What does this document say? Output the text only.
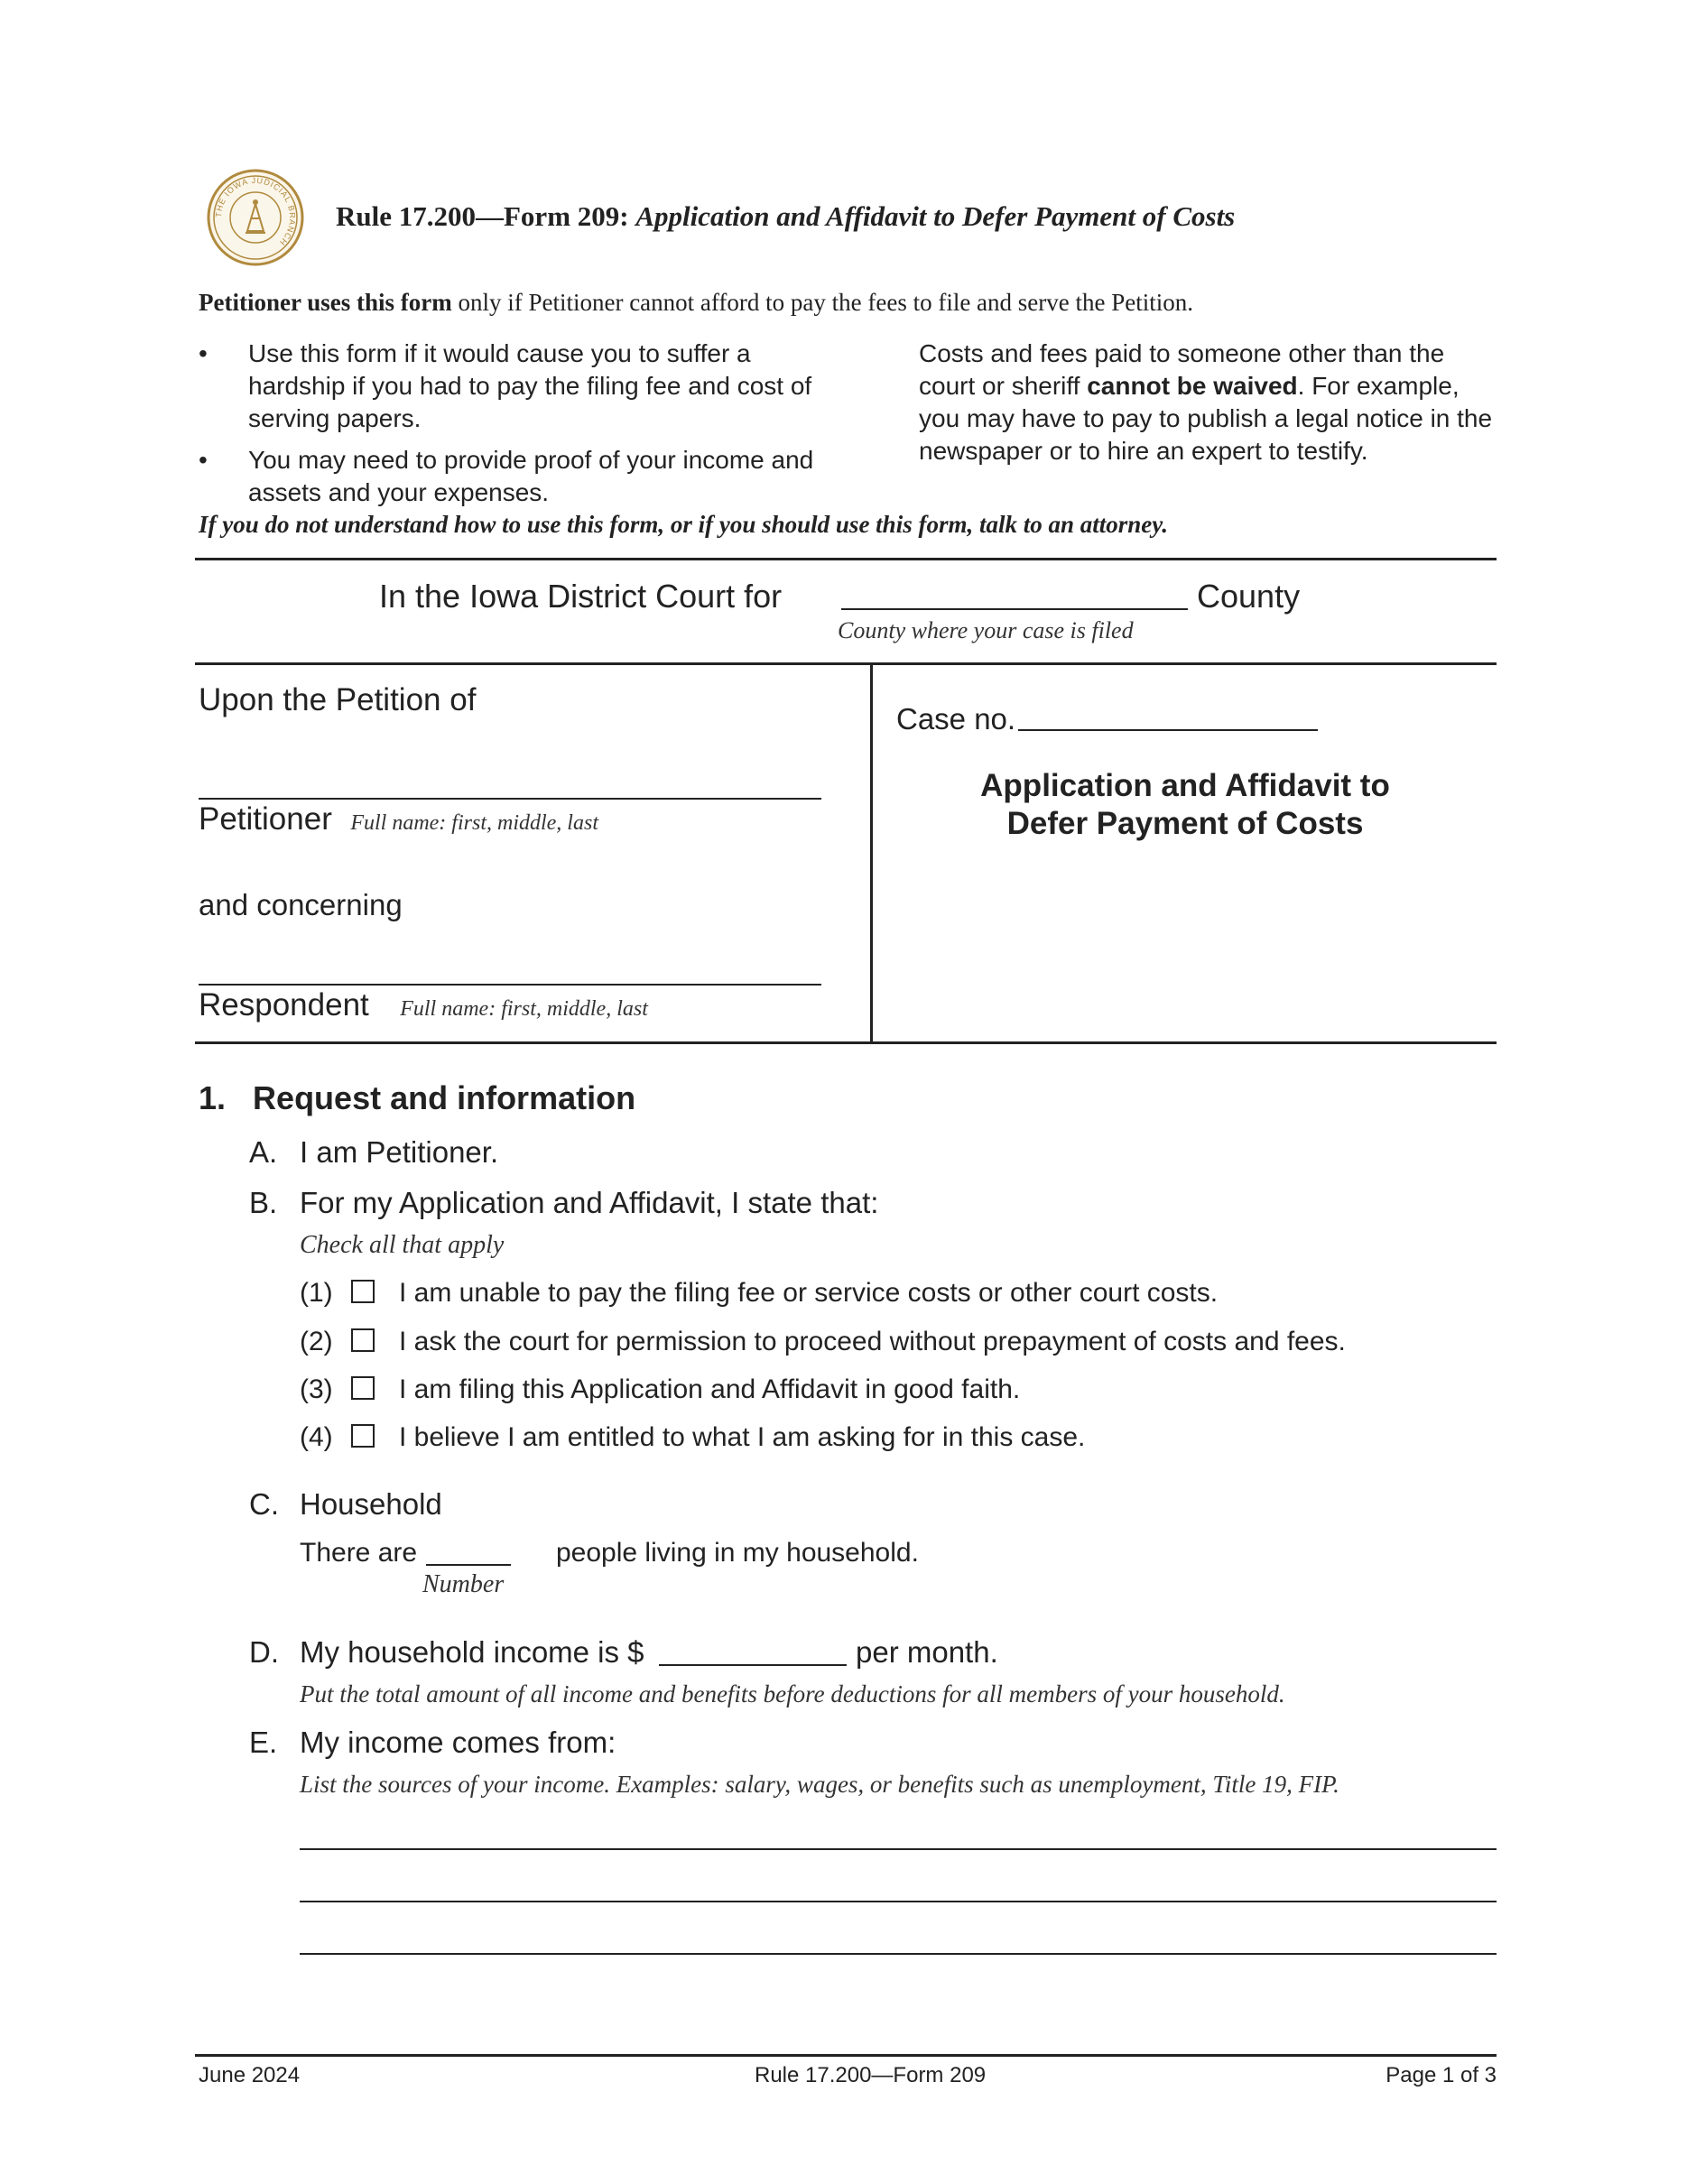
THE IOWA JUDICIAL BRANCH
Rule 17.200—Form 209: Application and Affidavit to Defer Payment of Costs
Petitioner uses this form only if Petitioner cannot afford to pay the fees to file and serve the Petition.
• Use this form if it would cause you to suffer a hardship if you had to pay the filing fee and cost of serving papers.
• You may need to provide proof of your income and assets and your expenses.
Costs and fees paid to someone other than the court or sheriff cannot be waived. For example, you may have to pay to publish a legal notice in the newspaper or to hire an expert to testify.
If you do not understand how to use this form, or if you should use this form, talk to an attorney.
In the Iowa District Court for	County
County where your case is filed
Upon the Petition of
Petitioner Full name: first, middle, last
and concerning
Respondent Full name: first, middle, last
Case no.
Application and Affidavit to
Defer Payment of Costs
1. Request and information
A. I am Petitioner.
B. For my Application and Affidavit, I state that:
Check all that apply
(1) I am unable to pay the filing fee or service costs or other court costs.
(2) I ask the court for permission to proceed without prepayment of costs and fees.
(3) I am filing this Application and Affidavit in good faith.
(4) I believe I am entitled to what I am asking for in this case.
C. Household
There are	people living in my household.
Number
D. My household income is $	per month.
Put the total amount of all income and benefits before deductions for all members of your household.
E. My income comes from:
List the sources of your income. Examples: salary, wages, or benefits such as unemployment, Title 19, FIP.
June 2024	Rule 17.200—Form 209	Page 1 of 3
